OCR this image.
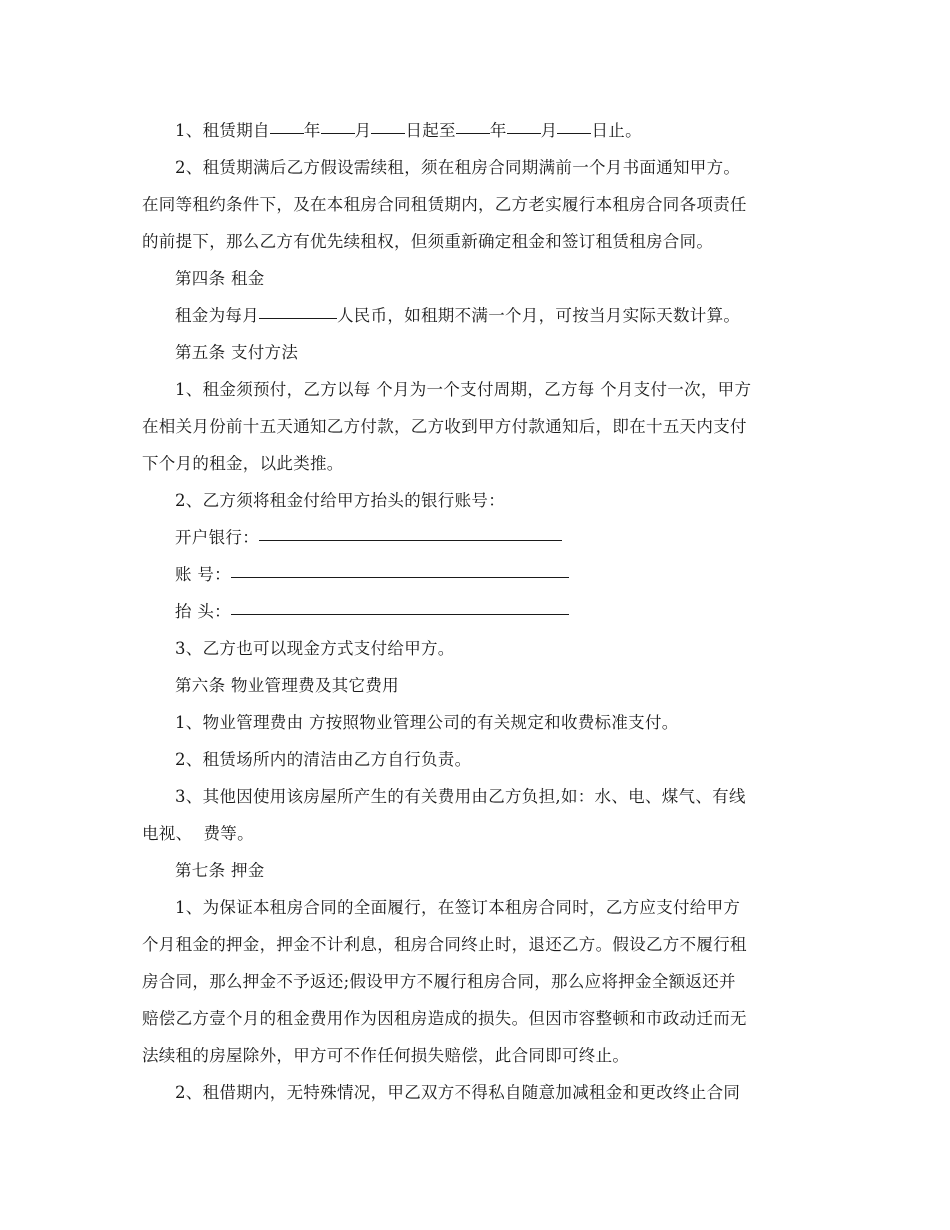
1、租赁期自 年 月 日起至 年 月 日止。

2、租赁期满后乙方假设需续租，须在租房合同期满前一个月书面通知甲方。

在同等租约条件下，及在本租房合同租赁期内，乙方老实履行本租房合同各项责任

的前提下，那么乙方有优先续租权，但须重新确定租金和签订租赁租房合同。

第四条 租金

租金为每月	人民币，如租期不满一个月，可按当月实际天数计算。

第五条 支付方法

1、租金须预付，乙方以每 个月为一个支付周期，乙方每 个月支付一次，甲方

在相关月份前十五天通知乙方付款，乙方收到甲方付款通知后，即在十五天内支付

下个月的租金，以此类推。

2、乙方须将租金付给甲方抬头的银行账号：

开户银行：

账 号：

抬 头：

3、乙方也可以现金方式支付给甲方。

第六条 物业管理费及其它费用

1、物业管理费由 方按照物业管理公司的有关规定和收费标准支付。

2、租赁场所内的清洁由乙方自行负责。

3、其他因使用该房屋所产生的有关费用由乙方负担,如：水、电、煤气、有线

电视、  费等。

第七条 押金

1、为保证本租房合同的全面履行，在签订本租房合同时，乙方应支付给甲方

个月租金的押金，押金不计利息，租房合同终止时，退还乙方。假设乙方不履行租

房合同，那么押金不予返还;假设甲方不履行租房合同，那么应将押金全额返还并

赔偿乙方壹个月的租金费用作为因租房造成的损失。但因市容整顿和市政动迁而无

法续租的房屋除外，甲方可不作任何损失赔偿，此合同即可终止。

2、租借期内，无特殊情况，甲乙双方不得私自随意加减租金和更改终止合同
